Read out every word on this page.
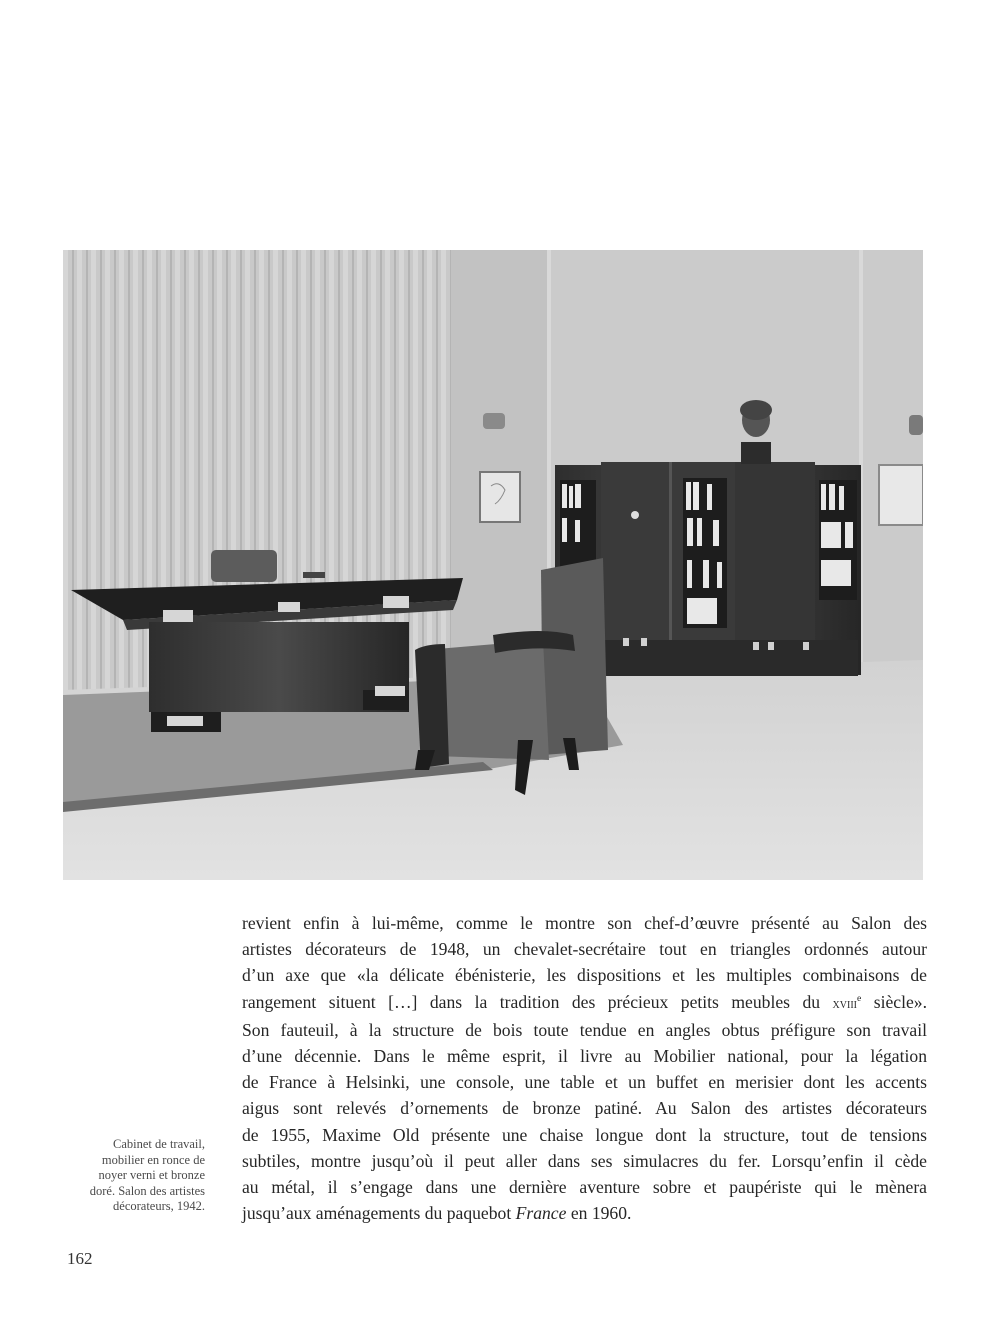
Cabinet de travail,
mobilier en ronce de
noyer verni et bronze
doré. Salon des artistes
décorateurs, 1942.
revient enfin à lui-même, comme le montre son chef-d’œuvre présenté au Salon des
artistes décorateurs de 1948, un chevalet-secrétaire tout en triangles ordonnés autour
d’un axe que «la délicate ébénisterie, les dispositions et les multiples combinaisons de
rangement situent […] dans la tradition des précieux petits meubles du xviii$^e$ siècle».
Son fauteuil, à la structure de bois toute tendue en angles obtus préfigure son travail
d’une décennie. Dans le même esprit, il livre au Mobilier national, pour la légation
de France à Helsinki, une console, une table et un buffet en merisier dont les accents
aigus sont relevés d’ornements de bronze patiné. Au Salon des artistes décorateurs
de 1955, Maxime Old présente une chaise longue dont la structure, tout de tensions
subtiles, montre jusqu’où il peut aller dans ses simulacres du fer. Lorsqu’enfin il cède
au métal, il s’engage dans une dernière aventure sobre et paupériste qui le mènera
jusqu’aux aménagements du paquebot France en 1960.
162
